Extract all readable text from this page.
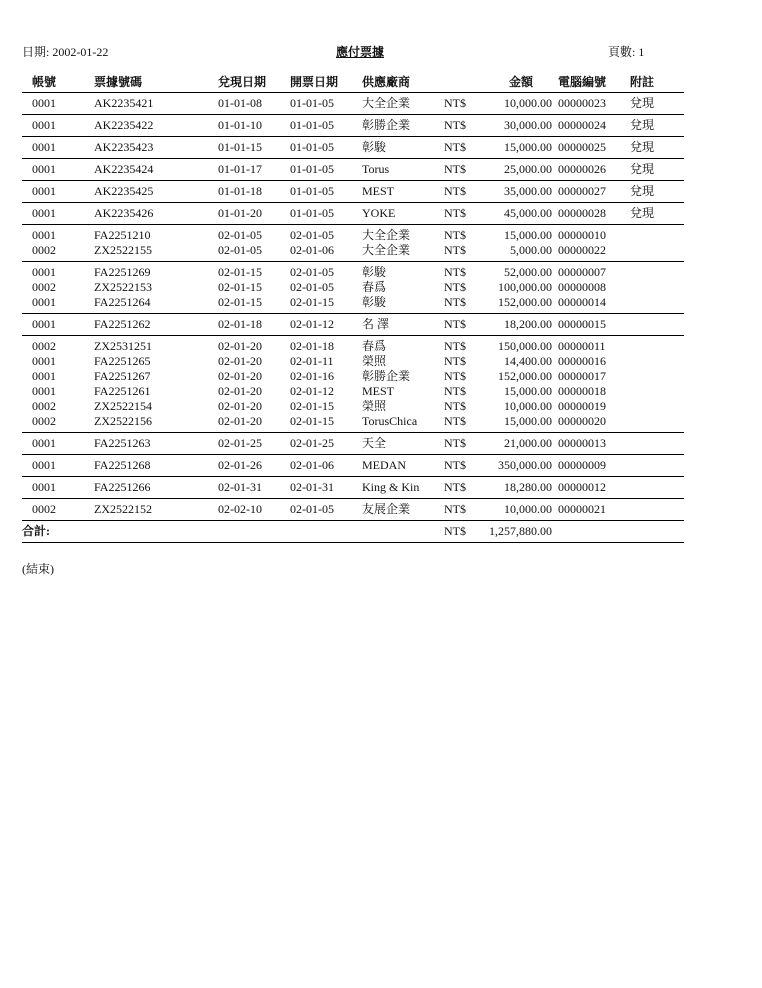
日期: 2002-01-22	應付票據	頁數: 1
帳號	票據號碼	兌現日期	開票日期	供應廠商		金額	電腦編號	附註
0001	AK2235421	01-01-08	01-01-05	大全企業	NT$	10,000.00	00000023	兌現
0001	AK2235422	01-01-10	01-01-05	彰勝企業	NT$	30,000.00	00000024	兌現
0001	AK2235423	01-01-15	01-01-05	彰駿	NT$	15,000.00	00000025	兌現
0001	AK2235424	01-01-17	01-01-05	Torus	NT$	25,000.00	00000026	兌現
0001	AK2235425	01-01-18	01-01-05	MEST	NT$	35,000.00	00000027	兌現
0001	AK2235426	01-01-20	01-01-05	YOKE	NT$	45,000.00	00000028	兌現
0001	FA2251210	02-01-05	02-01-05	大全企業	NT$	15,000.00	00000010	
0002	ZX2522155	02-01-05	02-01-06	大全企業	NT$	5,000.00	00000022	
0001	FA2251269	02-01-15	02-01-05	彰駿	NT$	52,000.00	00000007	
0002	ZX2522153	02-01-15	02-01-05	春爲	NT$	100,000.00	00000008	
0001	FA2251264	02-01-15	02-01-15	彰駿	NT$	152,000.00	00000014	
0001	FA2251262	02-01-18	02-01-12	名 澤	NT$	18,200.00	00000015	
0002	ZX2531251	02-01-20	02-01-18	春爲	NT$	150,000.00	00000011	
0001	FA2251265	02-01-20	02-01-11	榮照	NT$	14,400.00	00000016	
0001	FA2251267	02-01-20	02-01-16	彰勝企業	NT$	152,000.00	00000017	
0001	FA2251261	02-01-20	02-01-12	MEST	NT$	15,000.00	00000018	
0002	ZX2522154	02-01-20	02-01-15	榮照	NT$	10,000.00	00000019	
0002	ZX2522156	02-01-20	02-01-15	TorusChica	NT$	15,000.00	00000020	
0001	FA2251263	02-01-25	02-01-25	天全	NT$	21,000.00	00000013	
0001	FA2251268	02-01-26	02-01-06	MEDAN	NT$	350,000.00	00000009	
0001	FA2251266	02-01-31	02-01-31	King & Kin	NT$	18,280.00	00000012	
0002	ZX2522152	02-02-10	02-01-05	友展企業	NT$	10,000.00	00000021	
合計:					NT$	1,257,880.00		
(結束)
